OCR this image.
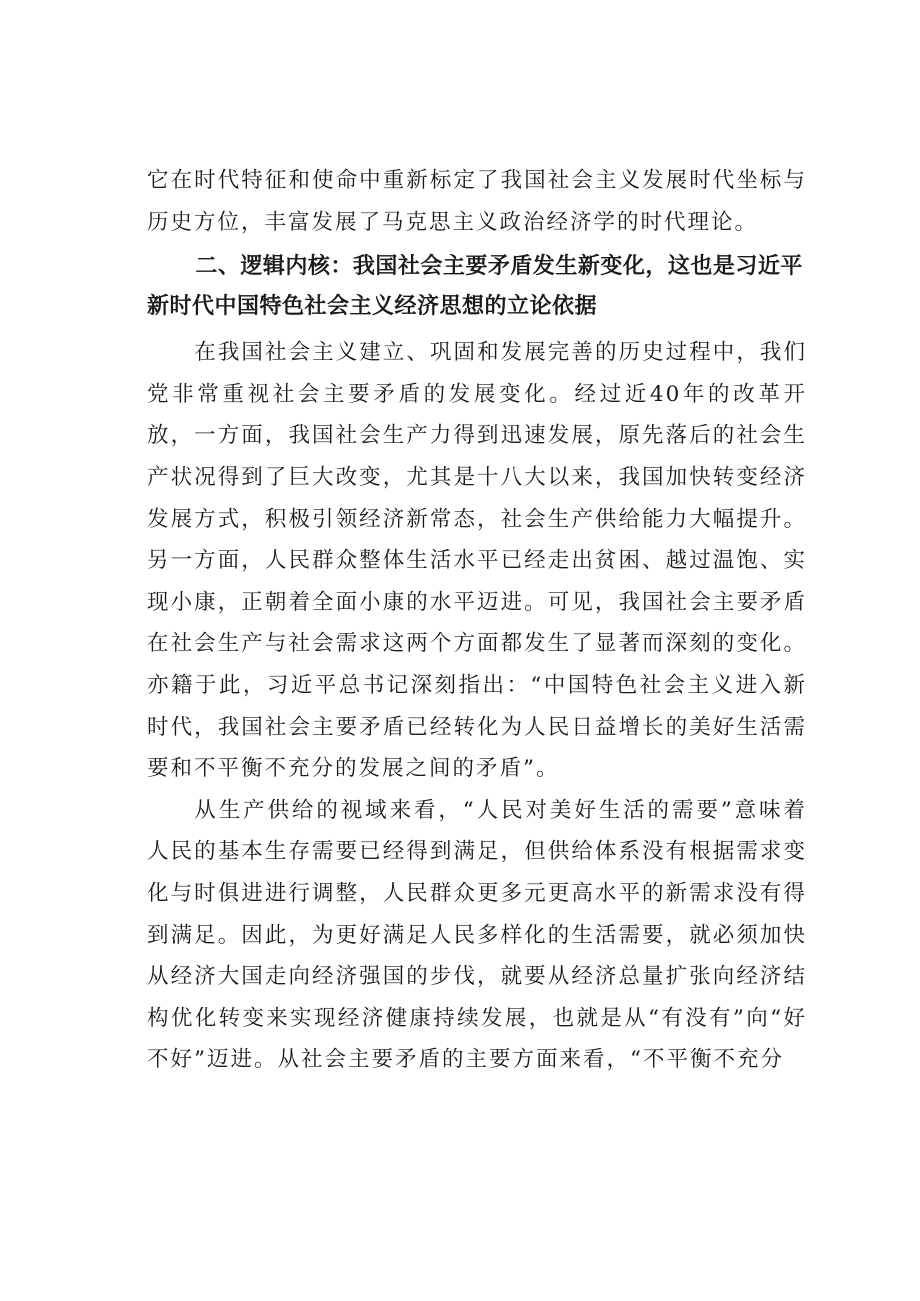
它在时代特征和使命中重新标定了我国社会主义发展时代坐标与历史方位，丰富发展了马克思主义政治经济学的时代理论。

二、逻辑内核：我国社会主要矛盾发生新变化，这也是习近平新时代中国特色社会主义经济思想的立论依据

在我国社会主义建立、巩固和发展完善的历史过程中，我们党非常重视社会主要矛盾的发展变化。经过近40年的改革开放，一方面，我国社会生产力得到迅速发展，原先落后的社会生产状况得到了巨大改变，尤其是十八大以来，我国加快转变经济发展方式，积极引领经济新常态，社会生产供给能力大幅提升。另一方面，人民群众整体生活水平已经走出贫困、越过温饱、实现小康，正朝着全面小康的水平迈进。可见，我国社会主要矛盾在社会生产与社会需求这两个方面都发生了显著而深刻的变化。亦籍于此，习近平总书记深刻指出：“中国特色社会主义进入新时代，我国社会主要矛盾已经转化为人民日益增长的美好生活需要和不平衡不充分的发展之间的矛盾”。

从生产供给的视域来看，“人民对美好生活的需要”意味着人民的基本生存需要已经得到满足，但供给体系没有根据需求变化与时俱进进行调整，人民群众更多元更高水平的新需求没有得到满足。因此，为更好满足人民多样化的生活需要，就必须加快从经济大国走向经济强国的步伐，就要从经济总量扩张向经济结构优化转变来实现经济健康持续发展，也就是从“有没有”向“好不好”迈进。从社会主要矛盾的主要方面来看，“不平衡不充分
